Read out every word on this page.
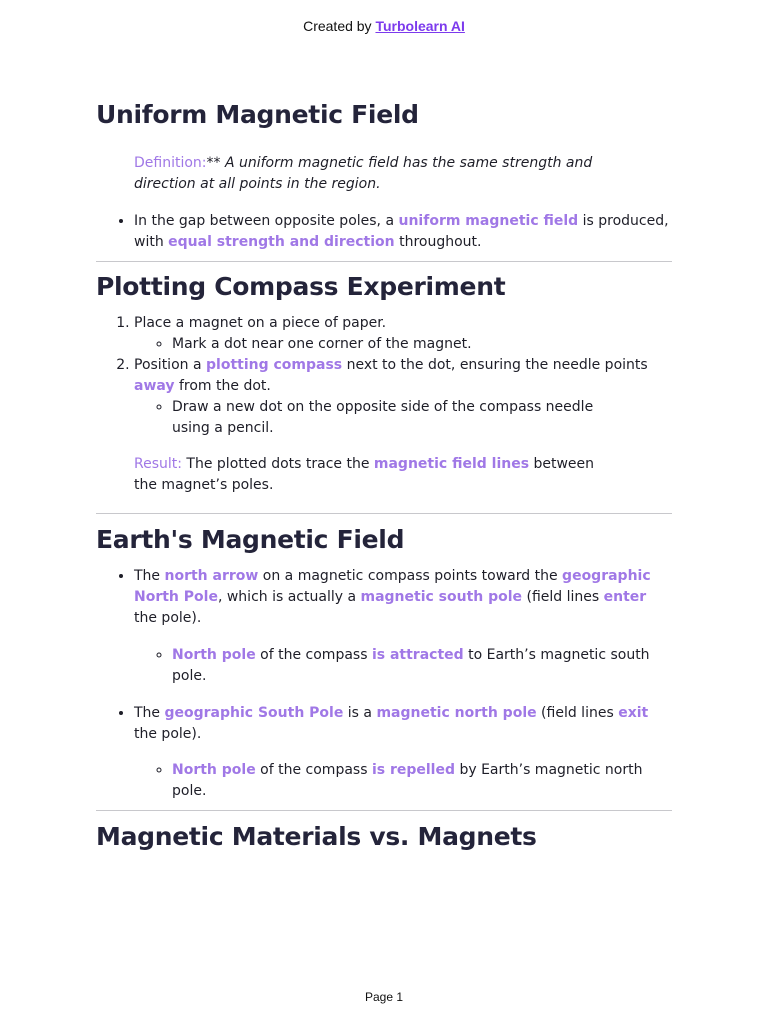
Created by Turbolearn AI
Uniform Magnetic Field

Definition:** A uniform magnetic field has the same strength and direction at all points in the region.

• In the gap between opposite poles, a uniform magnetic field is produced, with equal strength and direction throughout.
Plotting Compass Experiment
1. Place a magnet on a piece of paper.
◦ Mark a dot near one corner of the magnet.
2. Position a plotting compass next to the dot, ensuring the needle points away from the dot.
◦ Draw a new dot on the opposite side of the compass needle using a pencil.

Result: The plotted dots trace the magnetic field lines between the magnet’s poles.

Earth's Magnetic Field
• The north arrow on a magnetic compass points toward the geographic North Pole, which is actually a magnetic south pole (field lines enter the pole).
◦ North pole of the compass is attracted to Earth’s magnetic south pole.
• The geographic South Pole is a magnetic north pole (field lines exit the pole).
◦ North pole of the compass is repelled by Earth’s magnetic north pole.
Magnetic Materials vs. Magnets
Page 1
